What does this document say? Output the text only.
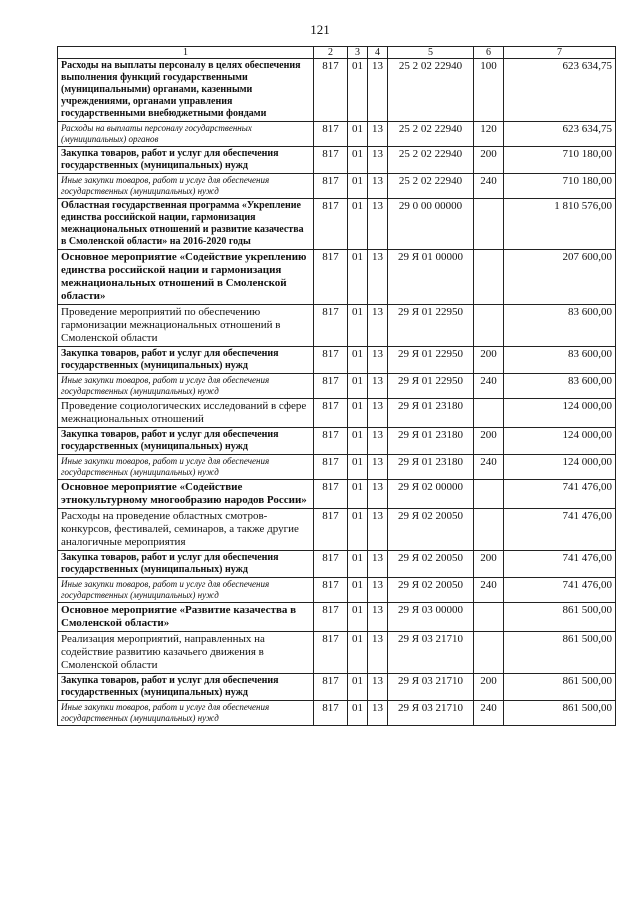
121
1	2	3	4	5	6	7
Расходы на выплаты персоналу в целях обеспечения выполнения функций государственными (муниципальными) органами, казенными учреждениями, органами управления государственными внебюджетными фондами	817	01	13	25 2 02 22940	100	623 634,75
Расходы на выплаты персоналу государственных (муниципальных) органов	817	01	13	25 2 02 22940	120	623 634,75
Закупка товаров, работ и услуг для обеспечения государственных (муниципальных) нужд	817	01	13	25 2 02 22940	200	710 180,00
Иные закупки товаров, работ и услуг для обеспечения государственных (муниципальных) нужд	817	01	13	25 2 02 22940	240	710 180,00
Областная государственная программа «Укрепление единства российской нации, гармонизация межнациональных отношений и развитие казачества в Смоленской области» на 2016-2020 годы	817	01	13	29 0 00 00000		1 810 576,00
Основное мероприятие «Содействие укреплению единства российской нации и гармонизация межнациональных отношений в Смоленской области»	817	01	13	29 Я 01 00000		207 600,00
Проведение мероприятий по обеспечению гармонизации межнациональных отношений в Смоленской области	817	01	13	29 Я 01 22950		83 600,00
Закупка товаров, работ и услуг для обеспечения государственных (муниципальных) нужд	817	01	13	29 Я 01 22950	200	83 600,00
Иные закупки товаров, работ и услуг для обеспечения государственных (муниципальных) нужд	817	01	13	29 Я 01 22950	240	83 600,00
Проведение социологических исследований в сфере межнациональных отношений	817	01	13	29 Я 01 23180		124 000,00
Закупка товаров, работ и услуг для обеспечения государственных (муниципальных) нужд	817	01	13	29 Я 01 23180	200	124 000,00
Иные закупки товаров, работ и услуг для обеспечения государственных (муниципальных) нужд	817	01	13	29 Я 01 23180	240	124 000,00
Основное мероприятие «Содействие этнокультурному многообразию народов России»	817	01	13	29 Я 02 00000		741 476,00
Расходы на проведение областных смотров-конкурсов, фестивалей, семинаров, а также другие аналогичные мероприятия	817	01	13	29 Я 02 20050		741 476,00
Закупка товаров, работ и услуг для обеспечения государственных (муниципальных) нужд	817	01	13	29 Я 02 20050	200	741 476,00
Иные закупки товаров, работ и услуг для обеспечения государственных (муниципальных) нужд	817	01	13	29 Я 02 20050	240	741 476,00
Основное мероприятие «Развитие казачества в Смоленской области»	817	01	13	29 Я 03 00000		861 500,00
Реализация мероприятий, направленных на содействие развитию казачьего движения в Смоленской области	817	01	13	29 Я 03 21710		861 500,00
Закупка товаров, работ и услуг для обеспечения государственных (муниципальных) нужд	817	01	13	29 Я 03 21710	200	861 500,00
Иные закупки товаров, работ и услуг для обеспечения государственных (муниципальных) нужд	817	01	13	29 Я 03 21710	240	861 500,00
